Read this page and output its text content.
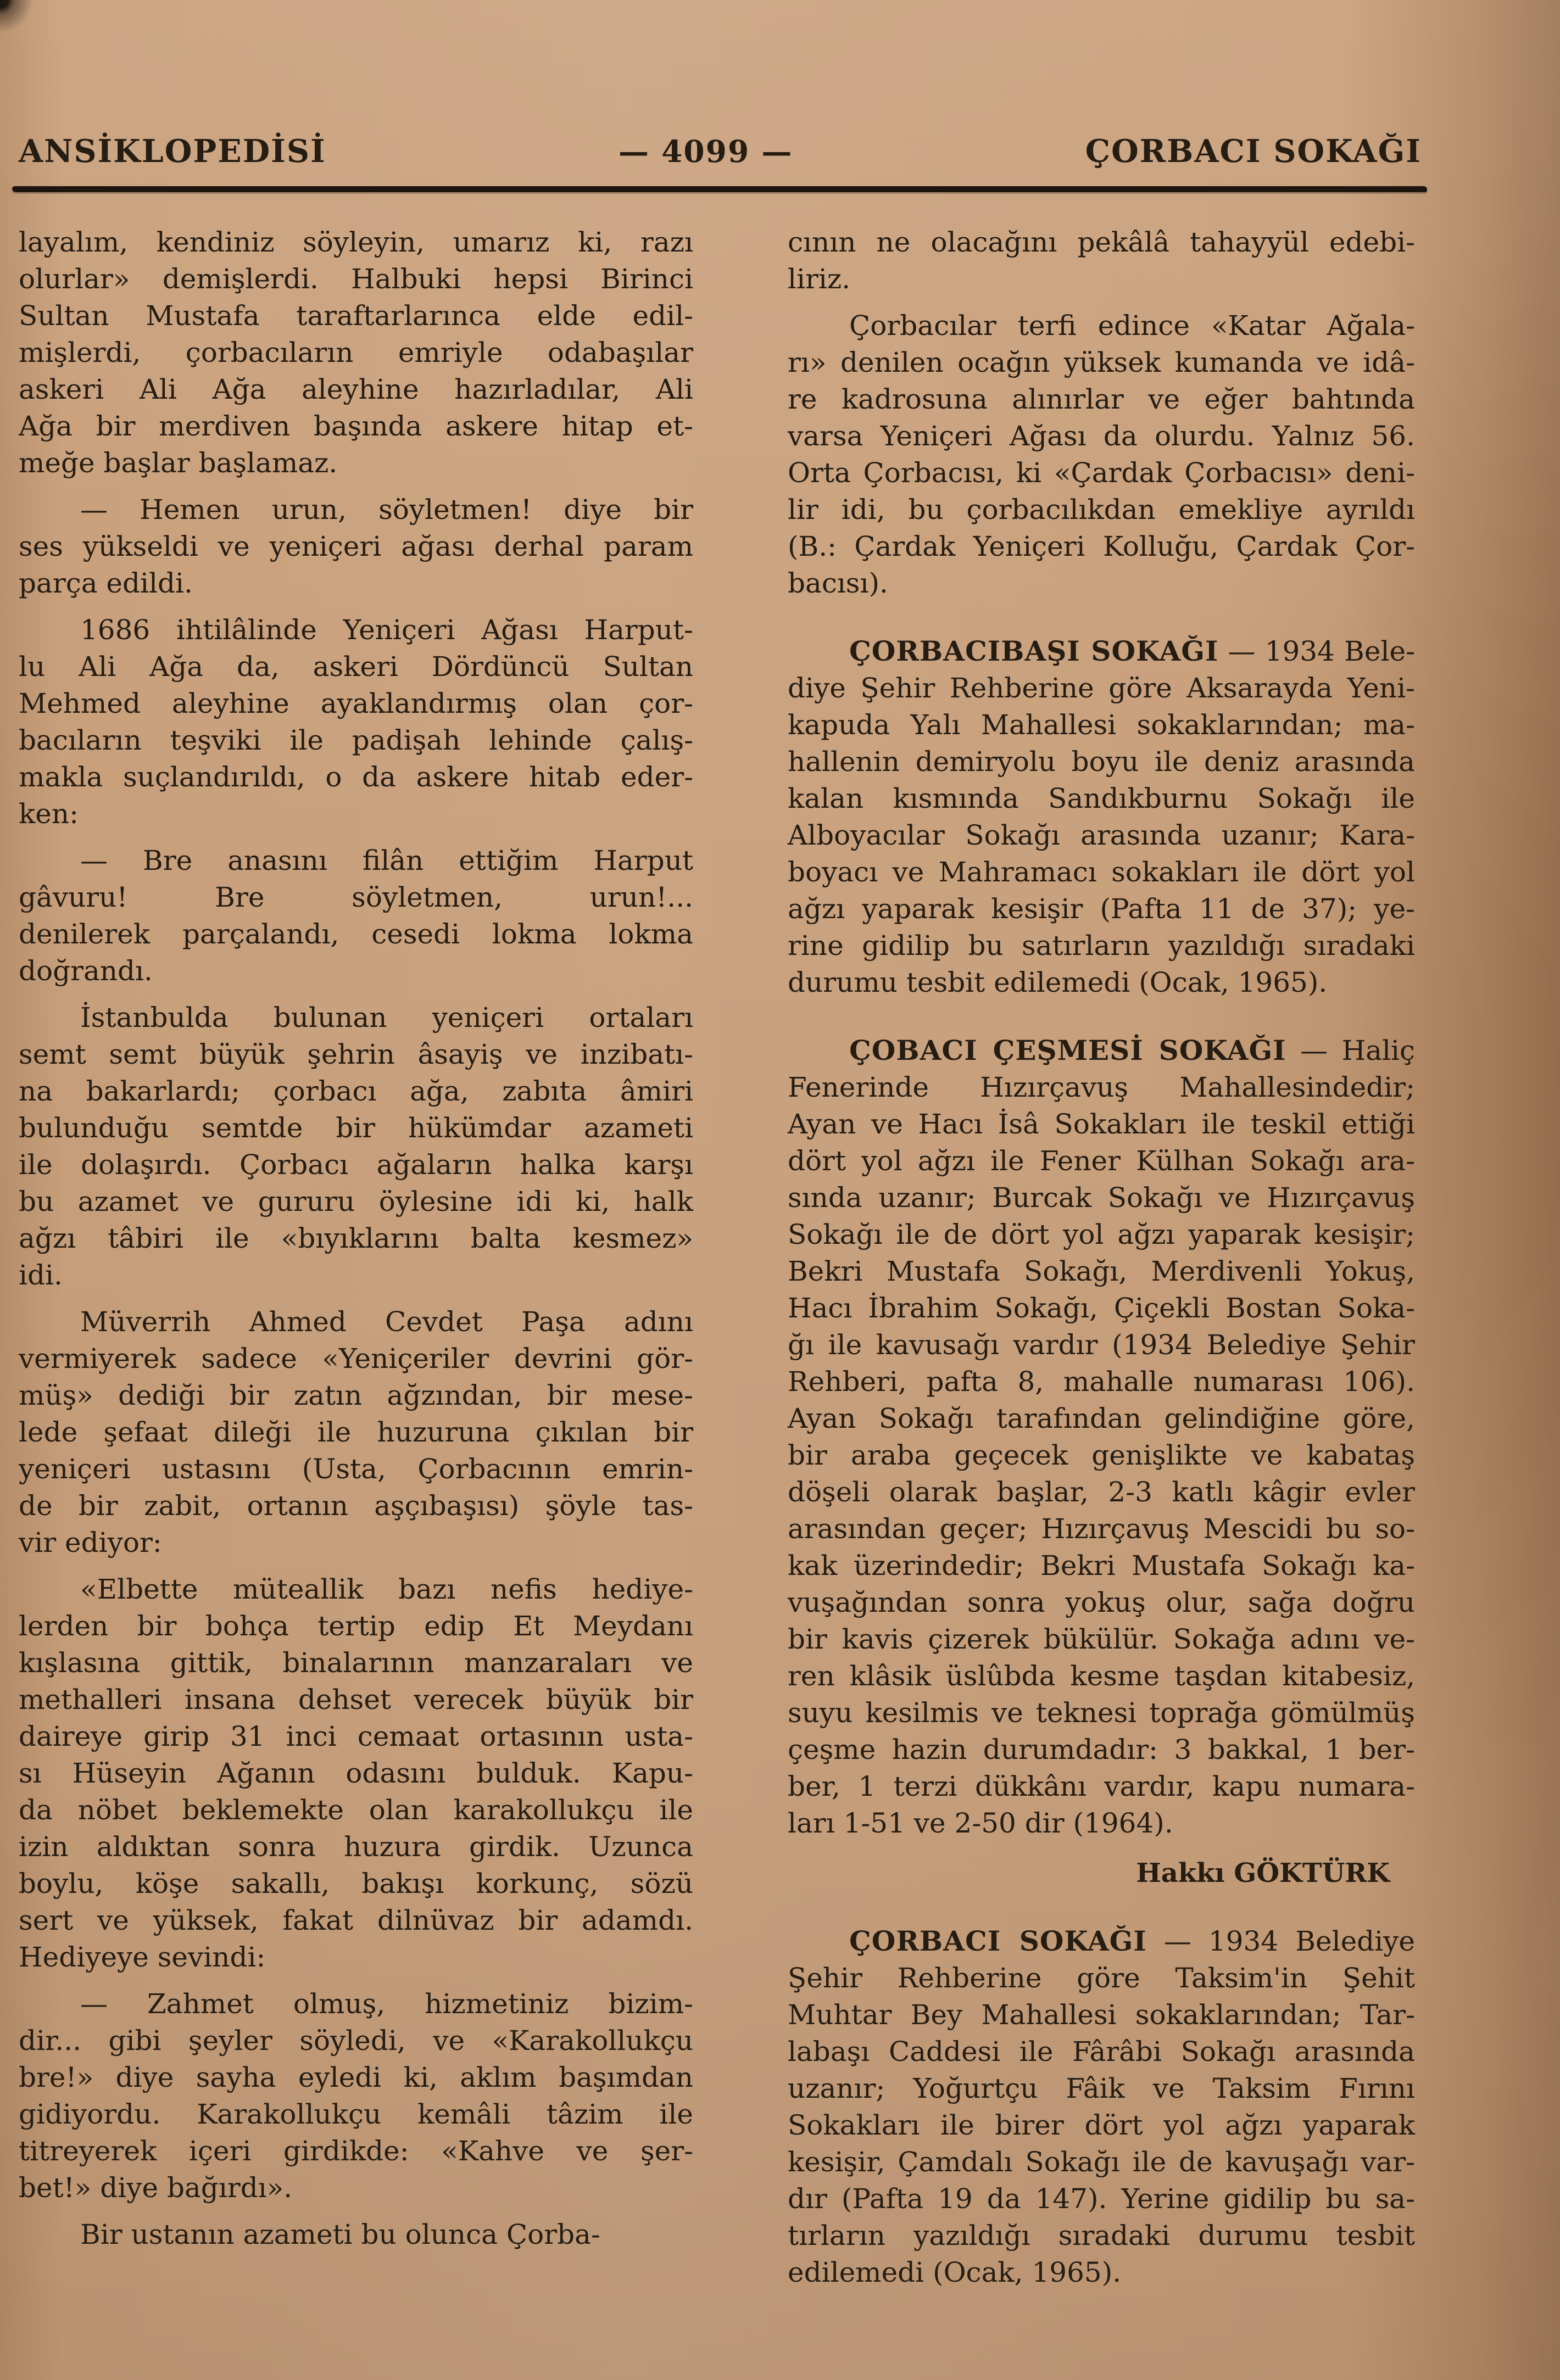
ANSİKLOPEDİSİ	— 4099 —	ÇORBACI SOKAĞI
layalım, kendiniz söyleyin, umarız ki, razı
olurlar» demişlerdi. Halbuki hepsi Birinci
Sultan Mustafa taraftarlarınca elde edil-
mişlerdi, çorbacıların emriyle odabaşılar
askeri Ali Ağa aleyhine hazırladılar, Ali
Ağa bir merdiven başında askere hitap et-
meğe başlar başlamaz.
— Hemen urun, söyletmen! diye bir
ses yükseldi ve yeniçeri ağası derhal param
parça edildi.
1686 ihtilâlinde Yeniçeri Ağası Harput-
lu Ali Ağa da, askeri Dördüncü Sultan
Mehmed aleyhine ayaklandırmış olan çor-
bacıların teşviki ile padişah lehinde çalış-
makla suçlandırıldı, o da askere hitab eder-
ken:
— Bre anasını filân ettiğim Harput
gâvuru! Bre söyletmen, urun!...
denilerek parçalandı, cesedi lokma lokma
doğrandı.
İstanbulda bulunan yeniçeri ortaları
semt semt büyük şehrin âsayiş ve inzibatı-
na bakarlardı; çorbacı ağa, zabıta âmiri
bulunduğu semtde bir hükümdar azameti
ile dolaşırdı. Çorbacı ağaların halka karşı
bu azamet ve gururu öylesine idi ki, halk
ağzı tâbiri ile «bıyıklarını balta kesmez»
idi.
Müverrih Ahmed Cevdet Paşa adını
vermiyerek sadece «Yeniçeriler devrini gör-
müş» dediği bir zatın ağzından, bir mese-
lede şefaat dileği ile huzuruna çıkılan bir
yeniçeri ustasını (Usta, Çorbacının emrin-
de bir zabit, ortanın aşçıbaşısı) şöyle tas-
vir ediyor:
«Elbette müteallik bazı nefis hediye-
lerden bir bohça tertip edip Et Meydanı
kışlasına gittik, binalarının manzaraları ve
methalleri insana dehset verecek büyük bir
daireye girip 31 inci cemaat ortasının usta-
sı Hüseyin Ağanın odasını bulduk. Kapu-
da nöbet beklemekte olan karakollukçu ile
izin aldıktan sonra huzura girdik. Uzunca
boylu, köşe sakallı, bakışı korkunç, sözü
sert ve yüksek, fakat dilnüvaz bir adamdı.
Hediyeye sevindi:
— Zahmet olmuş, hizmetiniz bizim-
dir... gibi şeyler söyledi, ve «Karakollukçu
bre!» diye sayha eyledi ki, aklım başımdan
gidiyordu. Karakollukçu kemâli tâzim ile
titreyerek içeri girdikde: «Kahve ve şer-
bet!» diye bağırdı».
Bir ustanın azameti bu olunca Çorba-
cının ne olacağını pekâlâ tahayyül edebi-
liriz.
Çorbacılar terfi edince «Katar Ağala-
rı» denilen ocağın yüksek kumanda ve idâ-
re kadrosuna alınırlar ve eğer bahtında
varsa Yeniçeri Ağası da olurdu. Yalnız 56.
Orta Çorbacısı, ki «Çardak Çorbacısı» deni-
lir idi, bu çorbacılıkdan emekliye ayrıldı
(B.: Çardak Yeniçeri Kolluğu, Çardak Çor-
bacısı).
ÇORBACIBAŞI SOKAĞI — 1934 Bele-
diye Şehir Rehberine göre Aksarayda Yeni-
kapuda Yalı Mahallesi sokaklarından; ma-
hallenin demiryolu boyu ile deniz arasında
kalan kısmında Sandıkburnu Sokağı ile
Alboyacılar Sokağı arasında uzanır; Kara-
boyacı ve Mahramacı sokakları ile dört yol
ağzı yaparak kesişir (Pafta 11 de 37); ye-
rine gidilip bu satırların yazıldığı sıradaki
durumu tesbit edilemedi (Ocak, 1965).
ÇOBACI ÇEŞMESİ SOKAĞI — Haliç
Fenerinde Hızırçavuş Mahallesindedir;
Ayan ve Hacı İsâ Sokakları ile teskil ettiği
dört yol ağzı ile Fener Külhan Sokağı ara-
sında uzanır; Burcak Sokağı ve Hızırçavuş
Sokağı ile de dört yol ağzı yaparak kesişir;
Bekri Mustafa Sokağı, Merdivenli Yokuş,
Hacı İbrahim Sokağı, Çiçekli Bostan Soka-
ğı ile kavusağı vardır (1934 Belediye Şehir
Rehberi, pafta 8, mahalle numarası 106).
Ayan Sokağı tarafından gelindiğine göre,
bir araba geçecek genişlikte ve kabataş
döşeli olarak başlar, 2-3 katlı kâgir evler
arasından geçer; Hızırçavuş Mescidi bu so-
kak üzerindedir; Bekri Mustafa Sokağı ka-
vuşağından sonra yokuş olur, sağa doğru
bir kavis çizerek bükülür. Sokağa adını ve-
ren klâsik üslûbda kesme taşdan kitabesiz,
suyu kesilmis ve teknesi toprağa gömülmüş
çeşme hazin durumdadır: 3 bakkal, 1 ber-
ber, 1 terzi dükkânı vardır, kapu numara-
ları 1-51 ve 2-50 dir (1964).
Hakkı GÖKTÜRK
ÇORBACI SOKAĞI — 1934 Belediye
Şehir Rehberine göre Taksim'in Şehit
Muhtar Bey Mahallesi sokaklarından; Tar-
labaşı Caddesi ile Fârâbi Sokağı arasında
uzanır; Yoğurtçu Fâik ve Taksim Fırını
Sokakları ile birer dört yol ağzı yaparak
kesişir, Çamdalı Sokağı ile de kavuşağı var-
dır (Pafta 19 da 147). Yerine gidilip bu sa-
tırların yazıldığı sıradaki durumu tesbit
edilemedi (Ocak, 1965).
